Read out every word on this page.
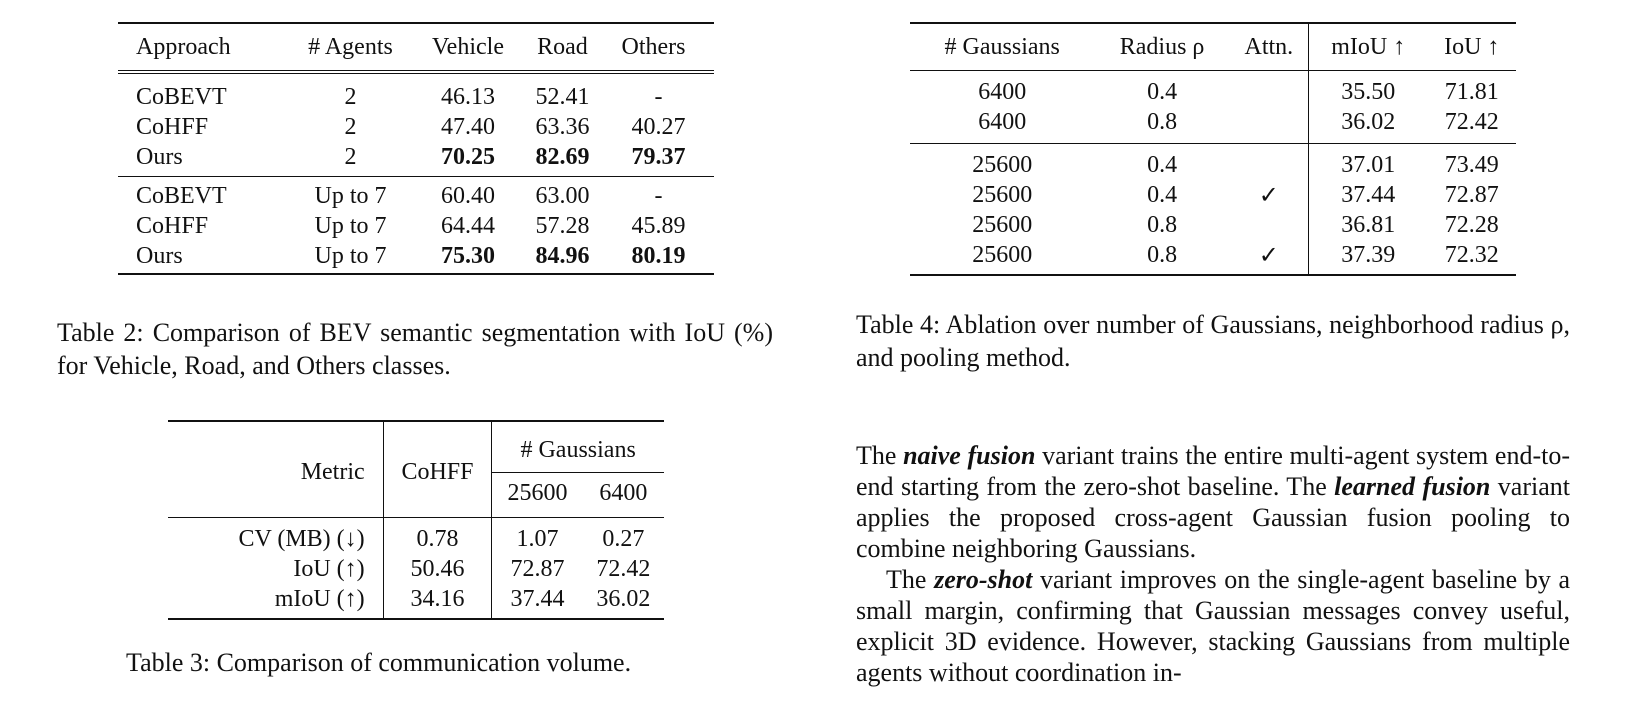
Approach	# Agents	Vehicle	Road	Others
CoBEVT	2	46.13	52.41	-
CoHFF	2	47.40	63.36	40.27
Ours	2	70.25	82.69	79.37
CoBEVT	Up to 7	60.40	63.00	-
CoHFF	Up to 7	64.44	57.28	45.89
Ours	Up to 7	75.30	84.96	80.19
Table 2: Comparison of BEV semantic segmentation with IoU (%) for Vehicle, Road, and Others classes.
Metric	CoHFF	# Gaussians	
		25600	6400
CV (MB) (↓)	0.78	1.07	0.27
IoU (↑)	50.46	72.87	72.42
mIoU (↑)	34.16	37.44	36.02
Table 3: Comparison of communication volume.
# Gaussians	Radius ρ	Attn.	mIoU ↑	IoU ↑
6400	0.4		35.50	71.81
6400	0.8		36.02	72.42
25600	0.4		37.01	73.49
25600	0.4	✓	37.44	72.87
25600	0.8		36.81	72.28
25600	0.8	✓	37.39	72.32
Table 4: Ablation over number of Gaussians, neighborhood radius ρ, and pooling method.

The naive fusion variant trains the entire multi-agent system end-to-end starting from the zero-shot baseline. The learned fusion variant applies the proposed cross-agent Gaussian fusion pooling to combine neighboring Gaussians.

The zero-shot variant improves on the single-agent baseline by a small margin, confirming that Gaussian messages convey useful, explicit 3D evidence. However, stacking Gaussians from multiple agents without coordination in-
